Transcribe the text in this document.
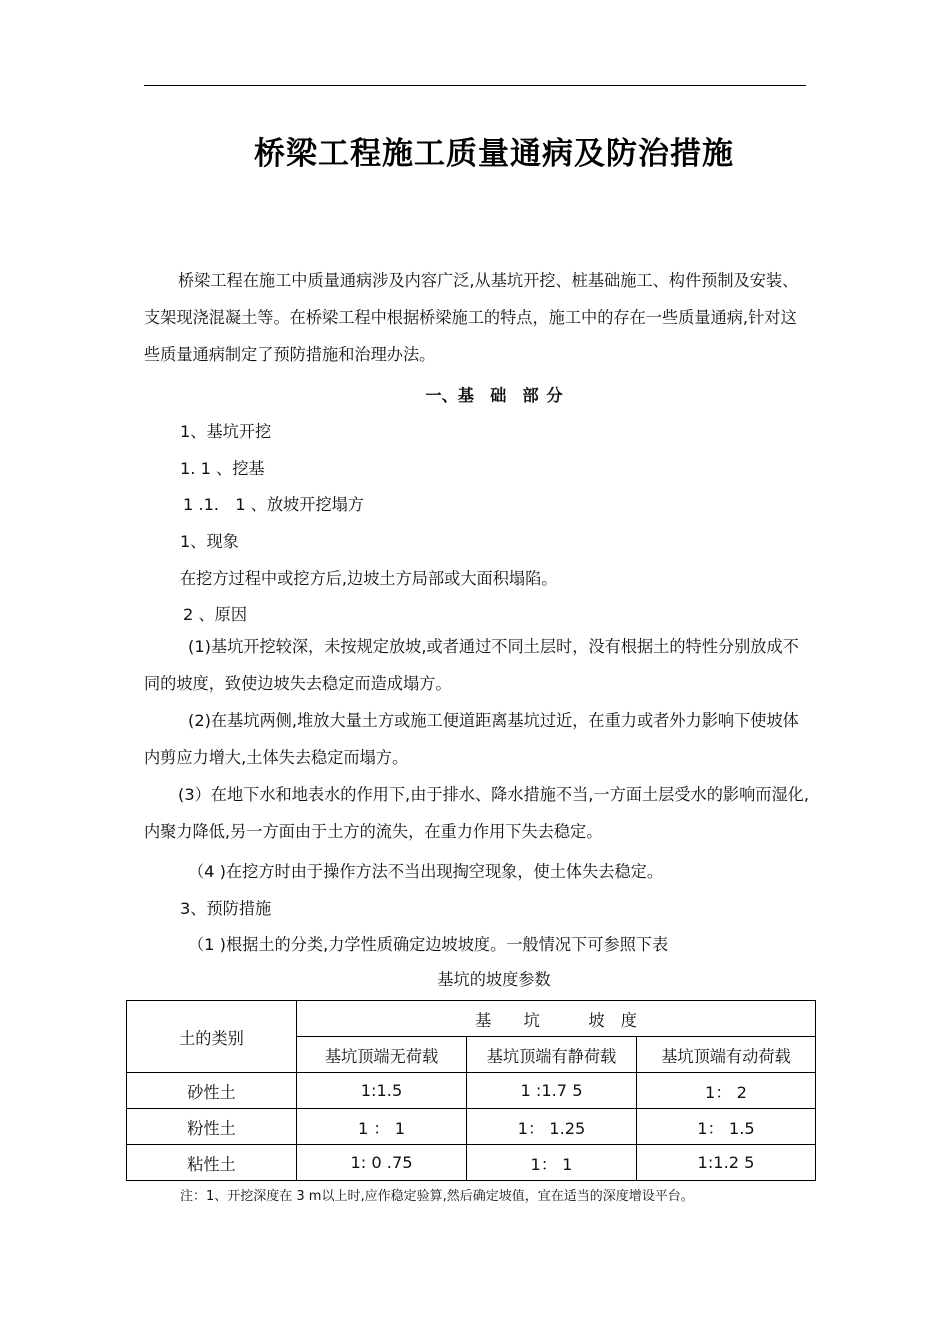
桥梁工程施工质量通病及防治措施
桥梁工程在施工中质量通病涉及内容广泛,从基坑开挖、桩基础施工、构件预制及安装、支架现浇混凝土等。在桥梁工程中根据桥梁施工的特点，施工中的存在一些质量通病,针对这些质量通病制定了预防措施和治理办法。
一、基　础　部 分
1、基坑开挖
1. 1 、挖基
1 .1． 1 、放坡开挖塌方
1、现象
在挖方过程中或挖方后,边坡土方局部或大面积塌陷。
2 、原因
(1)基坑开挖较深，未按规定放坡,或者通过不同土层时，没有根据土的特性分别放成不同的坡度，致使边坡失去稳定而造成塌方。
(2)在基坑两侧,堆放大量土方或施工便道距离基坑过近，在重力或者外力影响下使坡体内剪应力增大,土体失去稳定而塌方。
(3）在地下水和地表水的作用下,由于排水、降水措施不当,一方面土层受水的影响而湿化,内聚力降低,另一方面由于土方的流失，在重力作用下失去稳定。
（4 )在挖方时由于操作方法不当出现掏空现象，使土体失去稳定。
3、预防措施
（1 )根据土的分类,力学性质确定边坡坡度。一般情况下可参照下表
基坑的坡度参数
土的类别	基　　坑　　　坡　度		
	基坑顶端无荷载	基坑顶端有静荷载	基坑顶端有动荷载
砂性土	1:1.5	1 :1.7 5	1： 2
粉性土	1 ： 1	1： 1.25	1： 1.5
粘性土	1: 0 .75	1： 1	1:1.2 5
注：1、开挖深度在 3 m以上时,应作稳定验算,然后确定坡值，宜在适当的深度增设平台。
